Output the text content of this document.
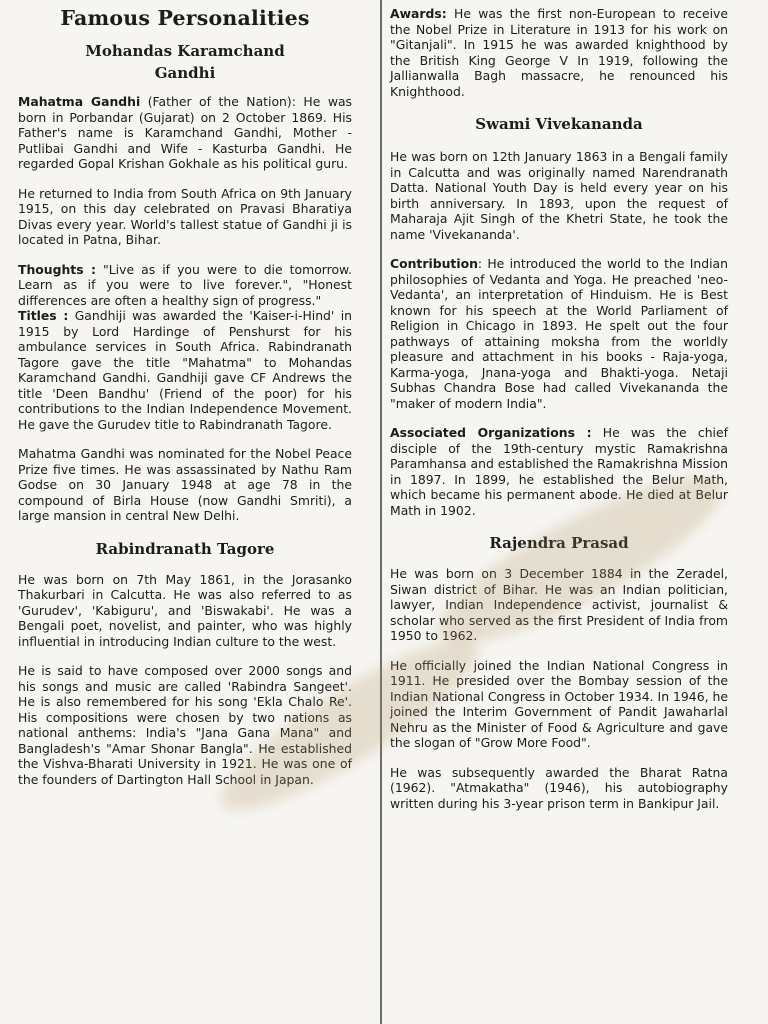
Famous Personalities
Mohandas Karamchand
Gandhi

Mahatma Gandhi (Father of the Nation): He was born in Porbandar (Gujarat) on 2 October 1869. His Father's name is Karamchand Gandhi, Mother - Putlibai Gandhi and Wife - Kasturba Gandhi. He regarded Gopal Krishan Gokhale as his political guru.

He returned to India from South Africa on 9th January 1915, on this day celebrated on Pravasi Bharatiya Divas every year. World's tallest statue of Gandhi ji is located in Patna, Bihar.

Thoughts : "Live as if you were to die tomorrow. Learn as if you were to live forever.", "Honest differences are often a healthy sign of progress."

Titles : Gandhiji was awarded the 'Kaiser-i-Hind' in 1915 by Lord Hardinge of Penshurst for his ambulance services in South Africa. Rabindranath Tagore gave the title "Mahatma" to Mohandas Karamchand Gandhi. Gandhiji gave CF Andrews the title 'Deen Bandhu' (Friend of the poor) for his contributions to the Indian Independence Movement. He gave the Gurudev title to Rabindranath Tagore.

Mahatma Gandhi was nominated for the Nobel Peace Prize five times. He was assassinated by Nathu Ram Godse on 30 January 1948 at age 78 in the compound of Birla House (now Gandhi Smriti), a large mansion in central New Delhi.

Rabindranath Tagore

He was born on 7th May 1861, in the Jorasanko Thakurbari in Calcutta. He was also referred to as 'Gurudev', 'Kabiguru', and 'Biswakabi'. He was a Bengali poet, novelist, and painter, who was highly influential in introducing Indian culture to the west.

He is said to have composed over 2000 songs and his songs and music are called 'Rabindra Sangeet'. He is also remembered for his song 'Ekla Chalo Re'. His compositions were chosen by two nations as national anthems: India's "Jana Gana Mana" and Bangladesh's "Amar Shonar Bangla". He established the Vishva-Bharati University in 1921. He was one of the founders of Dartington Hall School in Japan.

Awards: He was the first non-European to receive the Nobel Prize in Literature in 1913 for his work on "Gitanjali". In 1915 he was awarded knighthood by the British King George V In 1919, following the Jallianwalla Bagh massacre, he renounced his Knighthood.

Swami Vivekananda

He was born on 12th January 1863 in a Bengali family in Calcutta and was originally named Narendranath Datta. National Youth Day is held every year on his birth anniversary. In 1893, upon the request of Maharaja Ajit Singh of the Khetri State, he took the name 'Vivekananda'.

Contribution: He introduced the world to the Indian philosophies of Vedanta and Yoga. He preached 'neo-Vedanta', an interpretation of Hinduism. He is Best known for his speech at the World Parliament of Religion in Chicago in 1893. He spelt out the four pathways of attaining moksha from the worldly pleasure and attachment in his books - Raja-yoga, Karma-yoga, Jnana-yoga and Bhakti-yoga. Netaji Subhas Chandra Bose had called Vivekananda the "maker of modern India".

Associated Organizations : He was the chief disciple of the 19th-century mystic Ramakrishna Paramhansa and established the Ramakrishna Mission in 1897. In 1899, he established the Belur Math, which became his permanent abode. He died at Belur Math in 1902.

Rajendra Prasad

He was born on 3 December 1884 in the Zeradel, Siwan district of Bihar. He was an Indian politician, lawyer, Indian Independence activist, journalist & scholar who served as the first President of India from 1950 to 1962.

He officially joined the Indian National Congress in 1911. He presided over the Bombay session of the Indian National Congress in October 1934. In 1946, he joined the Interim Government of Pandit Jawaharlal Nehru as the Minister of Food & Agriculture and gave the slogan of "Grow More Food".

He was subsequently awarded the Bharat Ratna (1962). "Atmakatha" (1946), his autobiography written during his 3-year prison term in Bankipur Jail.
